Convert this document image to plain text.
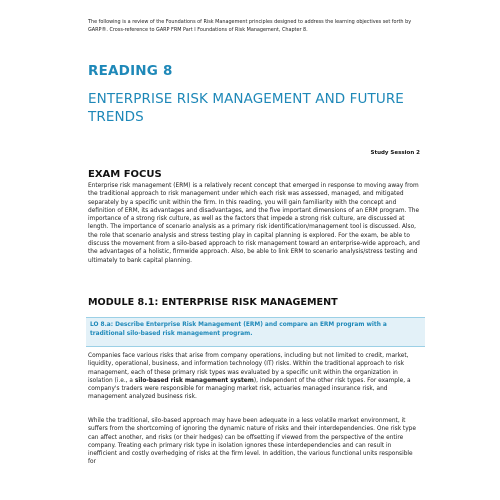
The following is a review of the Foundations of Risk Management principles designed to address the learning objectives set forth by GARP®. Cross-reference to GARP FRM Part I Foundations of Risk Management, Chapter 8.
READING 8
ENTERPRISE RISK MANAGEMENT AND FUTURE TRENDS
Study Session 2
EXAM FOCUS
Enterprise risk management (ERM) is a relatively recent concept that emerged in response to moving away from the traditional approach to risk management under which each risk was assessed, managed, and mitigated separately by a specific unit within the firm. In this reading, you will gain familiarity with the concept and definition of ERM, its advantages and disadvantages, and the five important dimensions of an ERM program. The importance of a strong risk culture, as well as the factors that impede a strong risk culture, are discussed at length. The importance of scenario analysis as a primary risk identification/management tool is discussed. Also, the role that scenario analysis and stress testing play in capital planning is explored. For the exam, be able to discuss the movement from a silo-based approach to risk management toward an enterprise-wide approach, and the advantages of a holistic, firmwide approach. Also, be able to link ERM to scenario analysis/stress testing and ultimately to bank capital planning.
MODULE 8.1: ENTERPRISE RISK MANAGEMENT
LO 8.a: Describe Enterprise Risk Management (ERM) and compare an ERM program with a traditional silo-based risk management program.
Companies face various risks that arise from company operations, including but not limited to credit, market, liquidity, operational, business, and information technology (IT) risks. Within the traditional approach to risk management, each of these primary risk types was evaluated by a specific unit within the organization in isolation (i.e., a silo-based risk management system), independent of the other risk types. For example, a company's traders were responsible for managing market risk, actuaries managed insurance risk, and management analyzed business risk.
While the traditional, silo-based approach may have been adequate in a less volatile market environment, it suffers from the shortcoming of ignoring the dynamic nature of risks and their interdependencies. One risk type can affect another, and risks (or their hedges) can be offsetting if viewed from the perspective of the entire company. Treating each primary risk type in isolation ignores these interdependencies and can result in inefficient and costly overhedging of risks at the firm level. In addition, the various functional units responsible for
